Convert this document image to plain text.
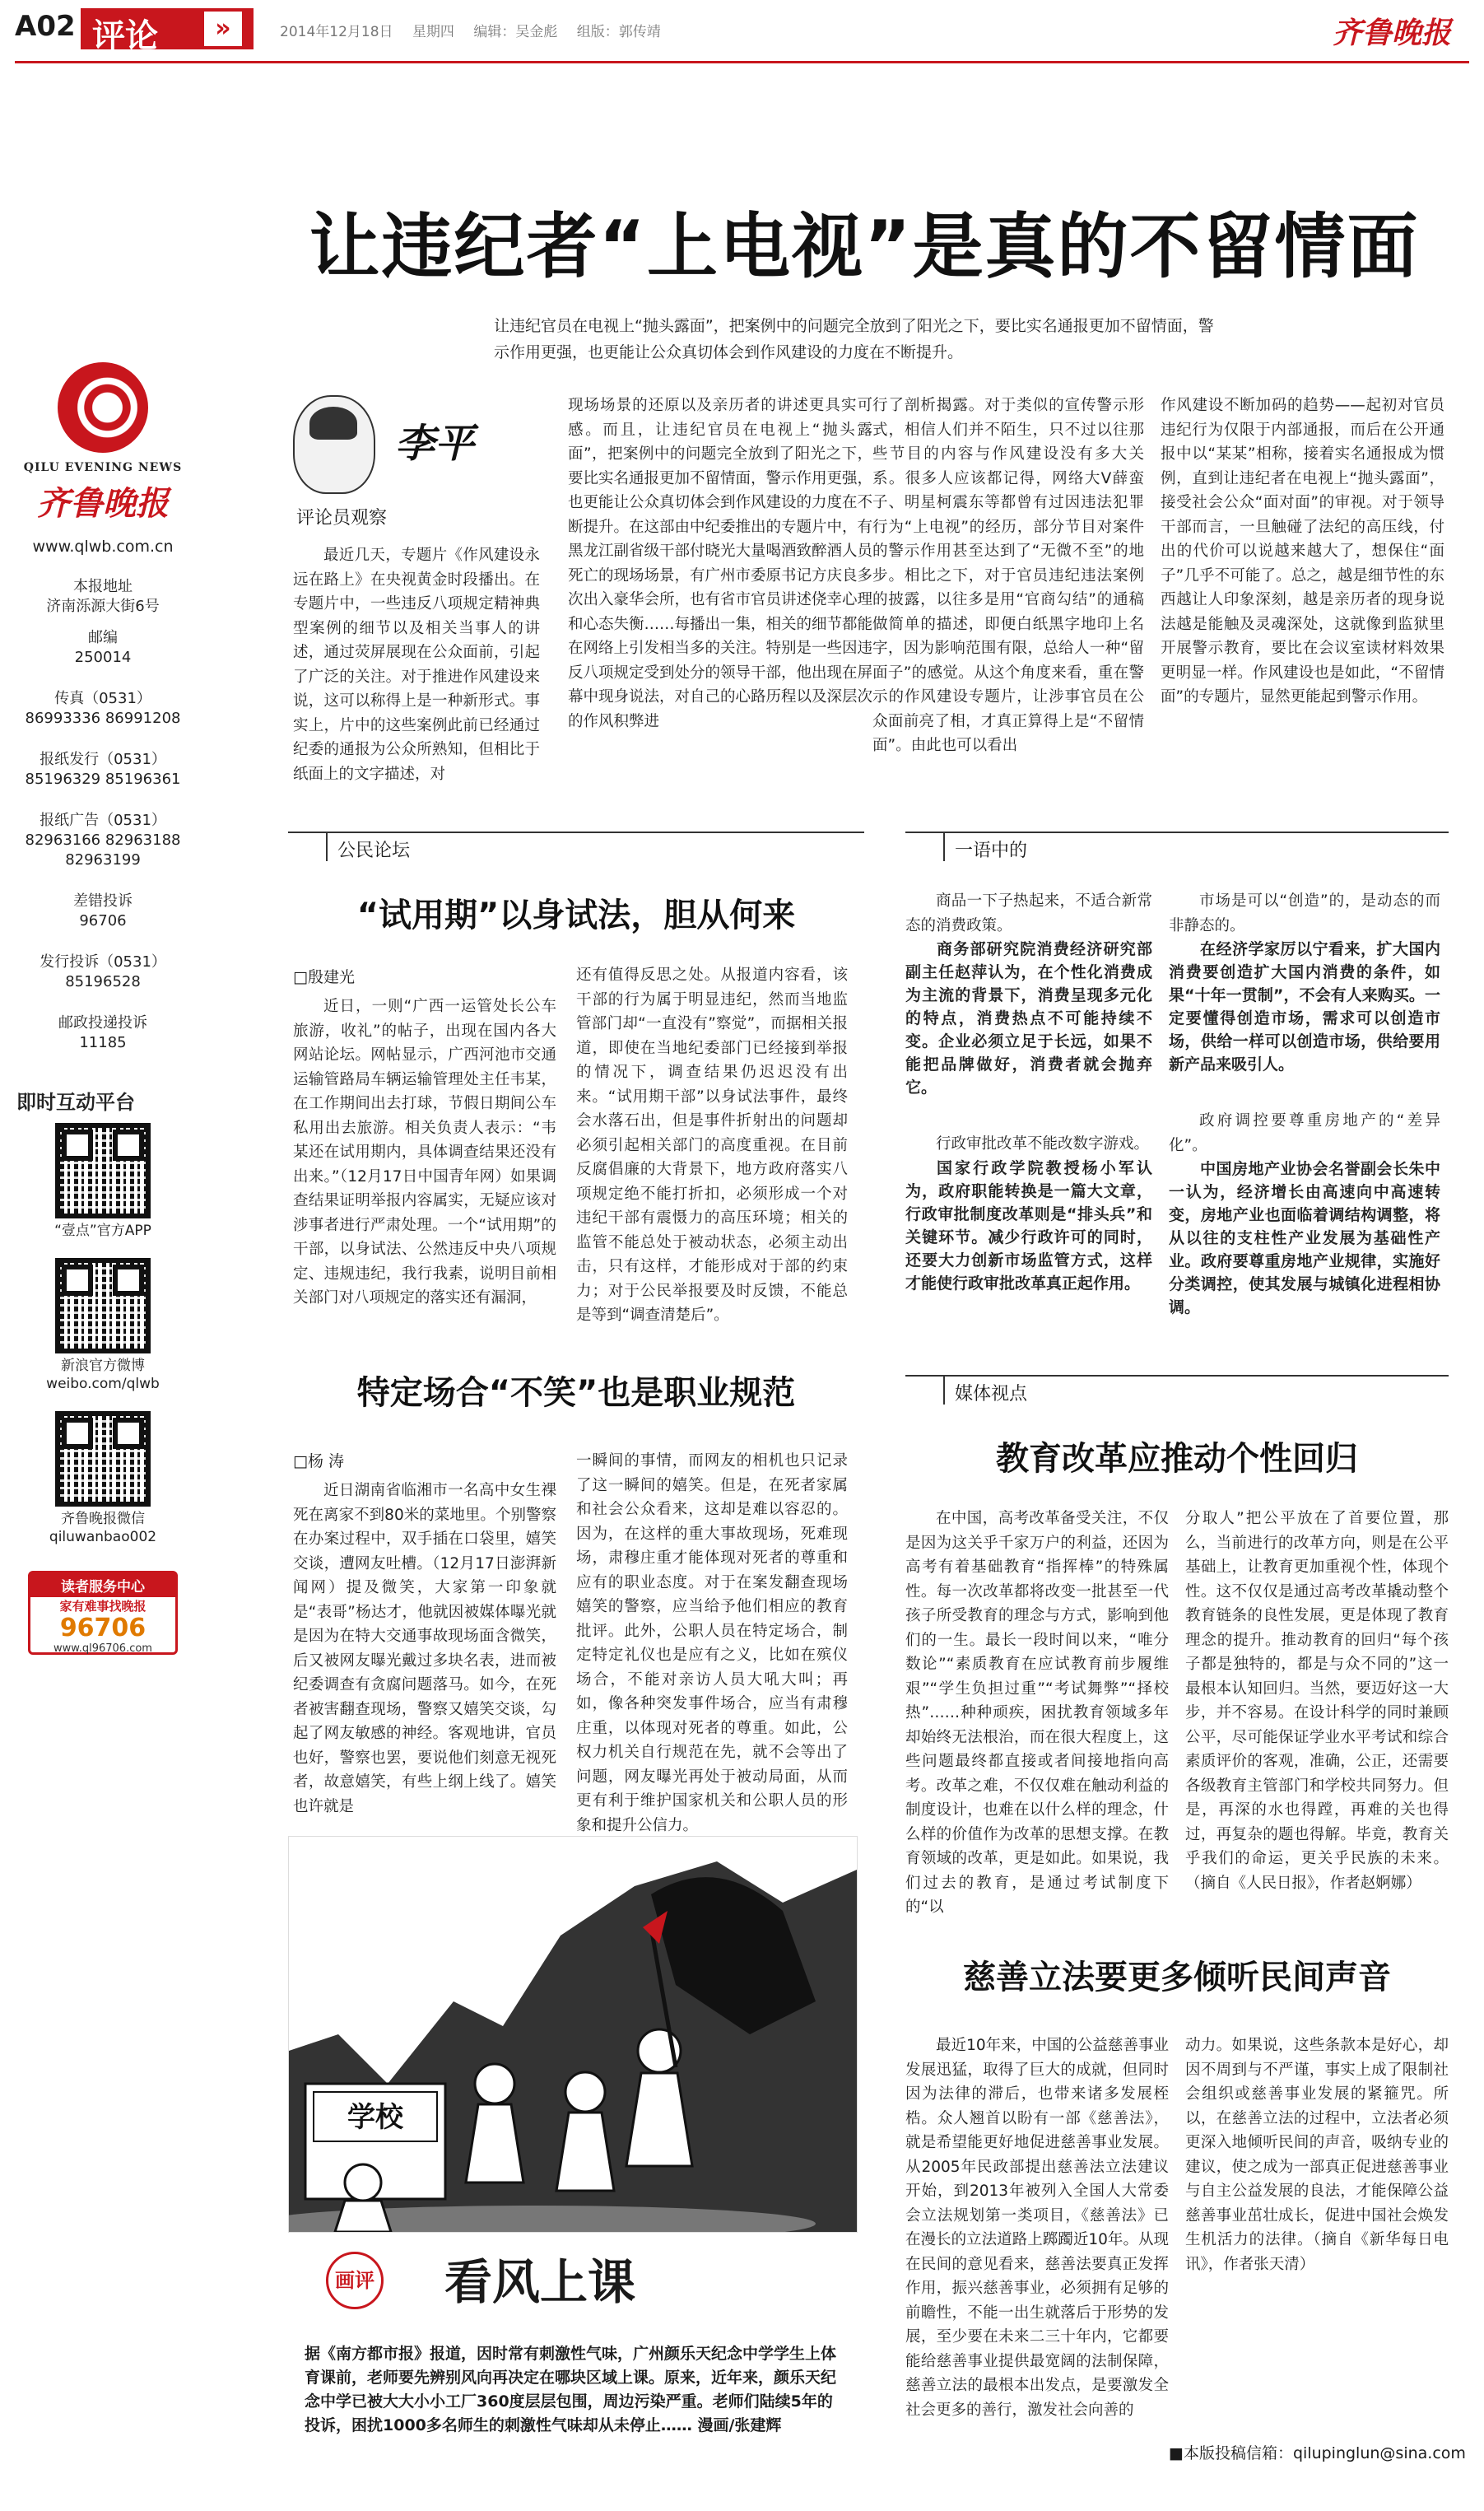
A02 评论	»	2014年12月18日 星期四 编辑：吴金彪 组版：郭传靖	齐鲁晚报
QILU EVENING NEWS
齐鲁晚报
www.qlwb.com.cn
本报地址
济南泺源大街6号
邮编
250014
传真（0531）
86993336 86991208
报纸发行（0531）
85196329 85196361
报纸广告（0531）
82963166 82963188 82963199
差错投诉
96706
发行投诉（0531）
85196528
邮政投递投诉
11185
即时互动平台
“壹点”官方APP
新浪官方微博
weibo.com/qlwb
齐鲁晚报微信
qiluwanbao002
读者服务中心
家有难事找晚报
96706
www.ql96706.com
让违纪者“上电视”是真的不留情面
让违纪官员在电视上“抛头露面”，把案例中的问题完全放到了阳光之下，要比实名通报更加不留情面，警示作用更强，也更能让公众真切体会到作风建设的力度在不断提升。
李平
评论员观察

最近几天，专题片《作风建设永远在路上》在央视黄金时段播出。在专题片中，一些违反八项规定精神典型案例的细节以及相关当事人的讲述，通过荧屏展现在公众面前，引起了广泛的关注。对于推进作风建设来说，这可以称得上是一种新形式。事实上，片中的这些案例此前已经通过纪委的通报为公众所熟知，但相比于纸面上的文字描述，对

现场场景的还原以及亲历者的讲述更具实可感。而且，让违纪官员在电视上“抛头露面”，把案例中的问题完全放到了阳光之下，要比实名通报更加不留情面，警示作用更强，也更能让公众真切体会到作风建设的力度在不断提升。在这部由中纪委推出的专题片中，有黑龙江副省级干部付晓光大量喝酒致醉酒人员死亡的现场场景，有广州市委原书记方庆良多次出入豪华会所，也有省市官员讲述侥幸心理和心态失衡……每播出一集，相关的细节都能在网络上引发相当多的关注。特别是一些因违反八项规定受到处分的领导干部，他出现在屏幕中现身说法，对自己的心路历程以及深层次的作风积弊进

行了剖析揭露。对于类似的宣传警示形式，相信人们并不陌生，只不过以往那些节目的内容与作风建设没有多大关系。很多人应该都记得，网络大V薛蛮子、明星柯震东等都曾有过因违法犯罪行为“上电视”的经历，部分节目对案件的警示作用甚至达到了“无微不至”的地步。相比之下，对于官员违纪违法案例的披露，以往多是用“官商勾结”的通稿做简单的描述，即便白纸黑字地印上名字，因为影响范围有限，总给人一种“留面子”的感觉。从这个角度来看，重在警示的作风建设专题片，让涉事官员在公众面前亮了相，才真正算得上是“不留情面”。由此也可以看出

作风建设不断加码的趋势——起初对官员违纪行为仅限于内部通报，而后在公开通报中以“某某”相称，接着实名通报成为惯例，直到让违纪者在电视上“抛头露面”，接受社会公众“面对面”的审视。对于领导干部而言，一旦触碰了法纪的高压线，付出的代价可以说越来越大了，想保住“面子”几乎不可能了。总之，越是细节性的东西越让人印象深刻，越是亲历者的现身说法越是能触及灵魂深处，这就像到监狱里开展警示教育，要比在会议室读材料效果更明显一样。作风建设也是如此，“不留情面”的专题片，显然更能起到警示作用。

公民论坛
“试用期”以身试法，胆从何来
□殷建光

近日，一则“广西一运管处长公车旅游，收礼”的帖子，出现在国内各大网站论坛。网帖显示，广西河池市交通运输管路局车辆运输管理处主任韦某，在工作期间出去打球，节假日期间公车私用出去旅游。相关负责人表示：“韦某还在试用期内，具体调查结果还没有出来。”（12月17日中国青年网）如果调查结果证明举报内容属实，无疑应该对涉事者进行严肃处理。一个“试用期”的干部，以身试法、公然违反中央八项规定、违规违纪，我行我素，说明目前相关部门对八项规定的落实还有漏洞，

还有值得反思之处。从报道内容看，该干部的行为属于明显违纪，然而当地监管部门却“一直没有”察觉”，而据相关报道，即使在当地纪委部门已经接到举报的情况下，调查结果仍迟迟没有出来。“试用期干部”以身试法事件，最终会水落石出，但是事件折射出的问题却必须引起相关部门的高度重视。在目前反腐倡廉的大背景下，地方政府落实八项规定绝不能打折扣，必须形成一个对违纪干部有震慑力的高压环境；相关的监管不能总处于被动状态，必须主动出击，只有这样，才能形成对于部的约束力；对于公民举报要及时反馈，不能总是等到“调查清楚后”。

特定场合“不笑”也是职业规范
□杨 涛

近日湖南省临湘市一名高中女生裸死在离家不到80米的菜地里。个别警察在办案过程中，双手插在口袋里，嬉笑交谈，遭网友吐槽。（12月17日澎湃新闻网）提及微笑，大家第一印象就是“表哥”杨达才，他就因被媒体曝光就是因为在特大交通事故现场面含微笑，后又被网友曝光戴过多块名表，进而被纪委调查有贪腐问题落马。如今，在死者被害翻查现场，警察又嬉笑交谈，勾起了网友敏感的神经。客观地讲，官员也好，警察也罢，要说他们刻意无视死者，故意嬉笑，有些上纲上线了。嬉笑也许就是

一瞬间的事情，而网友的相机也只记录了这一瞬间的嬉笑。但是，在死者家属和社会公众看来，这却是难以容忍的。因为，在这样的重大事故现场，死难现场，肃穆庄重才能体现对死者的尊重和应有的职业态度。对于在案发翻查现场嬉笑的警察，应当给予他们相应的教育批评。此外，公职人员在特定场合，制定特定礼仪也是应有之义，比如在殡仪场合，不能对亲访人员大吼大叫；再如，像各种突发事件场合，应当有肃穆庄重，以体现对死者的尊重。如此，公权力机关自行规范在先，就不会等出了问题，网友曝光再处于被动局面，从而更有利于维护国家机关和公职人员的形象和提升公信力。

一语中的

商品一下子热起来，不适合新常态的消费政策。

商务部研究院消费经济研究部副主任赵萍认为，在个性化消费成为主流的背景下，消费呈现多元化的特点，消费热点不可能持续不变。企业必须立足于长远，如果不能把品牌做好，消费者就会抛弃它。

行政审批改革不能改数字游戏。

国家行政学院教授杨小军认为，政府职能转换是一篇大文章，行政审批制度改革则是“排头兵”和关键环节。减少行政许可的同时，还要大力创新市场监管方式，这样才能使行政审批改革真正起作用。

市场是可以“创造”的，是动态的而非静态的。

在经济学家厉以宁看来，扩大国内消费要创造扩大国内消费的条件，如果“十年一贯制”，不会有人来购买。一定要懂得创造市场，需求可以创造市场，供给一样可以创造市场，供给要用新产品来吸引人。

政府调控要尊重房地产的“差异化”。

中国房地产业协会名誉副会长朱中一认为，经济增长由高速向中高速转变，房地产业也面临着调结构调整，将从以往的支柱性产业发展为基础性产业。政府要尊重房地产业规律，实施好分类调控，使其发展与城镇化进程相协调。

媒体视点
教育改革应推动个性回归

在中国，高考改革备受关注，不仅是因为这关乎千家万户的利益，还因为高考有着基础教育“指挥棒”的特殊属性。每一次改革都将改变一批甚至一代孩子所受教育的理念与方式，影响到他们的一生。最长一段时间以来，“唯分数论”“素质教育在应试教育前步履维艰”“学生负担过重”“考试舞弊”“择校热”……种种顽疾，困扰教育领域多年却始终无法根治，而在很大程度上，这些问题最终都直接或者间接地指向高考。改革之难，不仅仅难在触动利益的制度设计，也难在以什么样的理念，什么样的价值作为改革的思想支撑。在教育领域的改革，更是如此。如果说，我们过去的教育，是通过考试制度下的“以

分取人”把公平放在了首要位置，那么，当前进行的改革方向，则是在公平基础上，让教育更加重视个性，体现个性。这不仅仅是通过高考改革撬动整个教育链条的良性发展，更是体现了教育理念的提升。推动教育的回归“每个孩子都是独特的，都是与众不同的”这一最根本认知回归。当然，要迈好这一大步，并不容易。在设计科学的同时兼顾公平，尽可能保证学业水平考试和综合素质评价的客观，准确，公正，还需要各级教育主管部门和学校共同努力。但是，再深的水也得蹚，再难的关也得过，再复杂的题也得解。毕竟，教育关乎我们的命运，更关乎民族的未来。（摘自《人民日报》，作者赵婀娜）

慈善立法要更多倾听民间声音

最近10年来，中国的公益慈善事业发展迅猛，取得了巨大的成就，但同时因为法律的滞后，也带来诸多发展桎梏。众人翘首以盼有一部《慈善法》，就是希望能更好地促进慈善事业发展。从2005年民政部提出慈善法立法建议开始，到2013年被列入全国人大常委会立法规划第一类项目，《慈善法》已在漫长的立法道路上踯躅近10年。从现在民间的意见看来，慈善法要真正发挥作用，振兴慈善事业，必须拥有足够的前瞻性，不能一出生就落后于形势的发展，至少要在未来二三十年内，它都要能给慈善事业提供最宽阔的法制保障，慈善立法的最根本出发点，是要激发全社会更多的善行，激发社会向善的

动力。如果说，这些条款本是好心，却因不周到与不严谨，事实上成了限制社会组织或慈善事业发展的紧箍咒。所以，在慈善立法的过程中，立法者必须更深入地倾听民间的声音，吸纳专业的建议，使之成为一部真正促进慈善事业与自主公益发展的良法，才能保障公益慈善事业茁壮成长，促进中国社会焕发生机活力的法律。（摘自《新华每日电讯》，作者张天清）

学校
画评 看风上课
据《南方都市报》报道，因时常有刺激性气味，广州颜乐天纪念中学学生上体育课前，老师要先辨别风向再决定在哪块区域上课。原来，近年来，颜乐天纪念中学已被大大小小工厂360度层层包围，周边污染严重。老师们陆续5年的投诉，困扰1000多名师生的刺激性气味却从未停止…… 漫画/张建辉
■本版投稿信箱：qilupinglun@sina.com
